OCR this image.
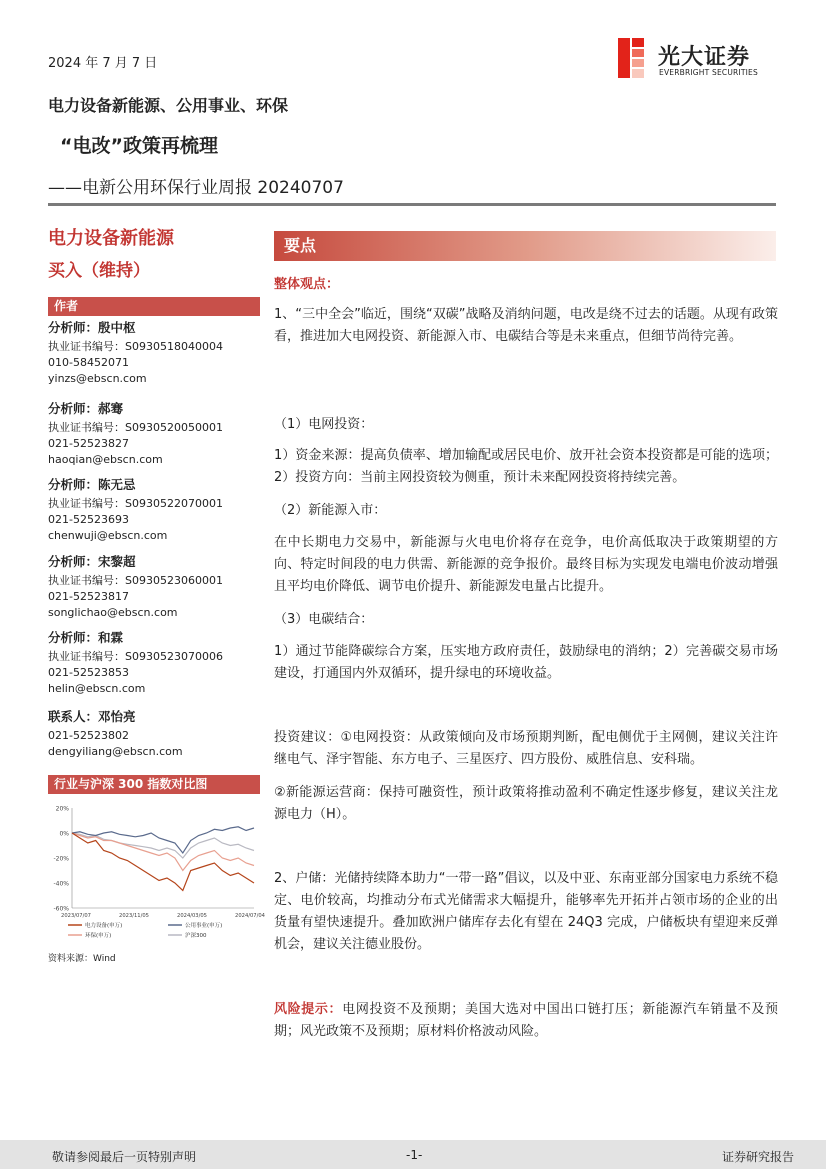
2024 年 7 月 7 日	光大证券
EVERBRIGHT SECURITIES
电力设备新能源、公用事业、环保
“电改”政策再梳理
——电新公用环保行业周报 20240707
电力设备新能源
买入（维持）
作者
分析师：殷中枢
执业证书编号：S0930518040004
010-58452071
yinzs@ebscn.com
分析师：郝骞
执业证书编号：S0930520050001
021-52523827
haoqian@ebscn.com
分析师：陈无忌
执业证书编号：S0930522070001
021-52523693
chenwuji@ebscn.com
分析师：宋黎超
执业证书编号：S0930523060001
021-52523817
songlichao@ebscn.com
分析师：和霖
执业证书编号：S0930523070006
021-52523853
helin@ebscn.com
联系人：邓怡亮
021-52523802
dengyiliang@ebscn.com
行业与沪深 300 指数对比图
20%
0%
-20%
-40%
-60%
2023/07/07	2023/11/05	2024/03/05	2024/07/04
电力设备(申万)	公用事业(申万)
环保(申万)	沪深300
资料来源：Wind
要点
整体观点：
1、“三中全会”临近，围绕“双碳”战略及消纳问题，电改是绕不过去的话题。从现有政策看，推进加大电网投资、新能源入市、电碳结合等是未来重点，但细节尚待完善。
（1）电网投资：
1）资金来源：提高负债率、增加输配或居民电价、放开社会资本投资都是可能的选项；2）投资方向：当前主网投资较为侧重，预计未来配网投资将持续完善。
（2）新能源入市：
在中长期电力交易中，新能源与火电电价将存在竞争，电价高低取决于政策期望的方向、特定时间段的电力供需、新能源的竞争报价。最终目标为实现发电端电价波动增强且平均电价降低、调节电价提升、新能源发电量占比提升。
（3）电碳结合：
1）通过节能降碳综合方案，压实地方政府责任，鼓励绿电的消纳；2）完善碳交易市场建设，打通国内外双循环，提升绿电的环境收益。
投资建议：①电网投资：从政策倾向及市场预期判断，配电侧优于主网侧，建议关注许继电气、泽宇智能、东方电子、三星医疗、四方股份、威胜信息、安科瑞。
②新能源运营商：保持可融资性，预计政策将推动盈利不确定性逐步修复，建议关注龙源电力（H）。
2、户储：光储持续降本助力“一带一路”倡议，以及中亚、东南亚部分国家电力系统不稳定、电价较高，均推动分布式光储需求大幅提升，能够率先开拓并占领市场的企业的出货量有望快速提升。叠加欧洲户储库存去化有望在 24Q3 完成，户储板块有望迎来反弹机会，建议关注德业股份。
风险提示：电网投资不及预期；美国大选对中国出口链打压；新能源汽车销量不及预期；风光政策不及预期；原材料价格波动风险。
敬请参阅最后一页特别声明	-1-	证券研究报告
